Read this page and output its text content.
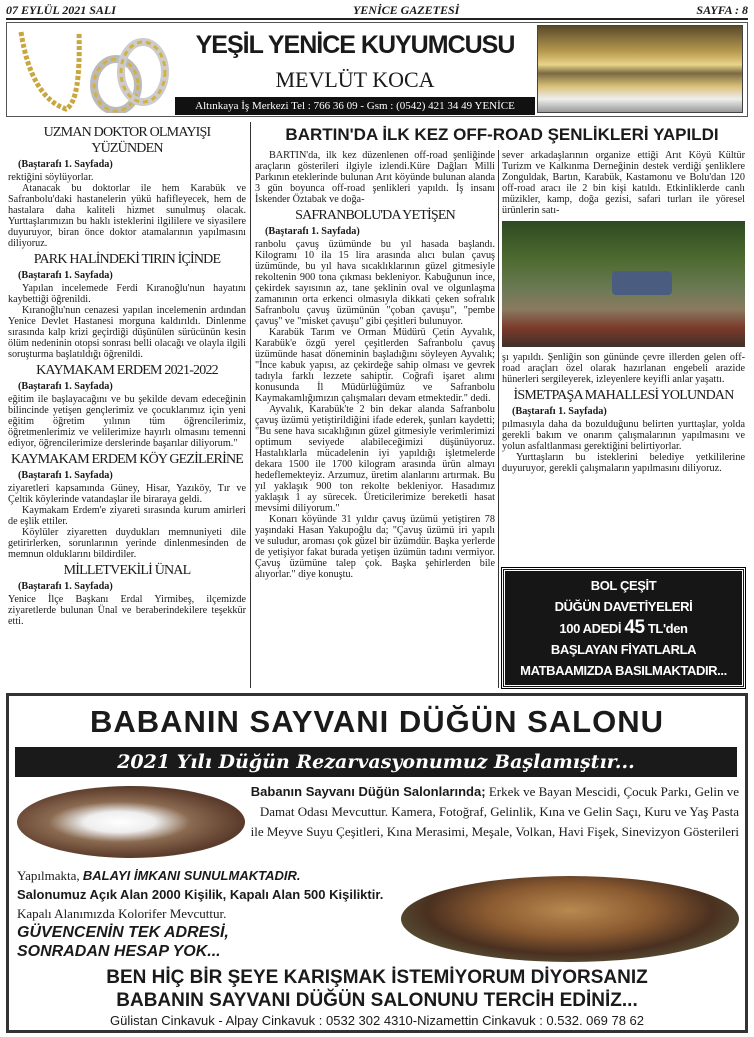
07 EYLÜL 2021 SALI	YENİCE GAZETESİ	SAYFA : 8
YEŞİL YENİCE KUYUMCUSU
MEVLÜT KOCA
Altınkaya İş Merkezi Tel : 766 36 09 - Gsm : (0542) 421 34 49 YENİCE
UZMAN DOKTOR OLMAYIŞI YÜZÜNDEN
(Baştarafı 1. Sayfada)

rektiğini söylüyorlar.

Atanacak bu doktorlar ile hem Karabük ve Safranbolu'daki hastanelerin yükü hafifleyecek, hem de hastalara daha kaliteli hizmet sunulmuş olacak. Yurttaşlarımızın bu haklı isteklerini ilgililere ve siyasilere duyuruyor, biran önce doktor atamalarının yapılmasını diliyoruz.

PARK HALİNDEKİ TIRIN İÇİNDE
(Baştarafı 1. Sayfada)

Yapılan incelemede Ferdi Kıranoğlu'nun hayatını kaybettiği öğrenildi.

Kıranoğlu'nun cenazesi yapılan incelemenin ardından Yenice Devlet Hastanesi morguna kaldırıldı. Dinlenme sırasında kalp krizi geçirdiği düşünülen sürücünün kesin ölüm nedeninin otopsi sonrası belli olacağı ve olayla ilgili soruşturma başlatıldığı öğrenildi.

KAYMAKAM ERDEM 2021-2022
(Baştarafı 1. Sayfada)

eğitim ile başlayacağını ve bu şekilde devam edeceğinin bilincinde yetişen gençlerimiz ve çocuklarımız için yeni eğitim öğretim yılının tüm öğrencilerimiz, öğretmenlerimiz ve velilerimize hayırlı olmasını temenni ediyor, öğrencilerimize derslerinde başarılar diliyorum."

KAYMAKAM ERDEM KÖY GEZİLERİNE
(Baştarafı 1. Sayfada)

ziyaretleri kapsamında Güney, Hisar, Yazıköy, Tır ve Çeltik köylerinde vatandaşlar ile biraraya geldi.

Kaymakam Erdem'e ziyareti sırasında kurum amirleri de eşlik ettiler.

Köylüler ziyaretten duydukları memnuniyeti dile getirirlerken, sorunlarının yerinde dinlenmesinden de memnun olduklarını bildirdiler.

MİLLETVEKİLİ ÜNAL
(Baştarafı 1. Sayfada)

Yenice İlçe Başkanı Erdal Yirmibeş, ilçemizde ziyaretlerde bulunan Ünal ve beraberindekilere teşekkür etti.

BARTIN'DA İLK KEZ OFF-ROAD ŞENLİKLERİ YAPILDI

BARTIN'da, ilk kez düzenlenen off-road şenliğinde araçların gösterileri ilgiyle izlendi.Küre Dağları Milli Parkının eteklerinde bulunan Arıt köyünde bulunan alanda 3 gün boyunca off-road şenlikleri yapıldı. İş insanı İskender Öztabak ve doğa-

SAFRANBOLU'DA YETİŞEN
(Baştarafı 1. Sayfada)

ranbolu çavuş üzümünde bu yıl hasada başlandı. Kilogramı 10 ila 15 lira arasında alıcı bulan çavuş üzümünde, bu yıl hava sıcaklıklarının güzel gitmesiyle rekoltenin 900 tona çıkması bekleniyor. Kabuğunun ince, çekirdek sayısının az, tane şeklinin oval ve olgunlaşma zamanının orta erkenci olmasıyla dikkati çeken sofralık Safranbolu çavuş üzümünün "çoban çavuşu", "pembe çavuş" ve "misket çavuşu" gibi çeşitleri bulunuyor.

Karabük Tarım ve Orman Müdürü Çetin Ayvalık, Karabük'e özgü yerel çeşitlerden Safranbolu çavuş üzümünde hasat döneminin başladığını söyleyen Ayvalık; "İnce kabuk yapısı, az çekirdeğe sahip olması ve gevrek tadıyla farklı lezzete sahiptir. Coğrafi işaret alımı konusunda İl Müdürlüğümüz ve Safranbolu Kaymakamlığımızın çalışmaları devam etmektedir." dedi.

Ayvalık, Karabük'te 2 bin dekar alanda Safranbolu çavuş üzümü yetiştirildiğini ifade ederek, şunları kaydetti; "Bu sene hava sıcaklığının güzel gitmesiyle verimlerimizi optimum seviyede alabileceğimizi düşünüyoruz. Hastalıklarla mücadelenin iyi yapıldığı işletmelerde dekara 1500 ile 1700 kilogram arasında ürün almayı hedeflemekteyiz. Arzumuz, üretim alanlarını artırmak. Bu yıl yaklaşık 900 ton rekolte bekleniyor. Hasadımız yaklaşık 1 ay sürecek. Üreticilerimize bereketli hasat mevsimi diliyorum."

Konarı köyünde 31 yıldır çavuş üzümü yetiştiren 78 yaşındaki Hasan Yakupoğlu da; "Çavuş üzümü iri yapılı ve suludur, aroması çok güzel bir üzümdür. Başka yerlerde de yetişiyor fakat burada yetişen üzümün tadını vermiyor. Çavuş üzümüne talep çok. Başka şehirlerden bile alıyorlar." diye konuştu.

sever arkadaşlarının organize ettiği Arıt Köyü Kültür Turizm ve Kalkınma Derneğinin destek verdiği şenliklere Zonguldak, Bartın, Karabük, Kastamonu ve Bolu'dan 120 off-road aracı ile 2 bin kişi katıldı. Etkinliklerde canlı müzikler, kamp, doğa gezisi, safari turları ile yöresel ürünlerin satı-

şı yapıldı. Şenliğin son gününde çevre illerden gelen off-road araçları özel olarak hazırlanan engebeli arazide hünerleri sergileyerek, izleyenlere keyifli anlar yaşattı.

İSMETPAŞA MAHALLESİ YOLUNDAN
(Baştarafı 1. Sayfada)

pılmasıyla daha da bozulduğunu belirten yurttaşlar, yolda gerekli bakım ve onarım çalışmalarının yapılmasını ve yolun asfaltlanması gerektiğini belirtiyorlar.

Yurttaşların bu isteklerini belediye yetkililerine duyuruyor, gerekli çalışmaların yapılmasını diliyoruz.

BOL ÇEŞİT
DÜĞÜN DAVETİYELERİ
100 ADEDİ 45 TL'den
BAŞLAYAN FİYATLARLA
MATBAAMIZDA BASILMAKTADIR...
BABANIN SAYVANI DÜĞÜN SALONU
2021 Yılı Düğün Rezarvasyonumuz Başlamıştır...
Babanın Sayvanı Düğün Salonlarında; Erkek ve Bayan Mescidi, Çocuk Parkı, Gelin ve Damat Odası Mevcuttur. Kamera, Fotoğraf, Gelinlik, Kına ve Gelin Saçı, Kuru ve Yaş Pasta ile Meyve Suyu Çeşitleri, Kına Merasimi, Meşale, Volkan, Havi Fişek, Sinevizyon Gösterileri
Yapılmakta, BALAYI İMKANI SUNULMAKTADIR.
Salonumuz Açık Alan 2000 Kişilik, Kapalı Alan 500 Kişiliktir. Kapalı Alanımızda Kolorifer Mevcuttur.
GÜVENCENİN TEK ADRESİ,
SONRADAN HESAP YOK...
BEN HİÇ BİR ŞEYE KARIŞMAK İSTEMİYORUM DİYORSANIZ
BABANIN SAYVANI DÜĞÜN SALONUNU TERCİH EDİNİZ...
Gülistan Cinkavuk - Alpay Cinkavuk : 0532 302 4310-Nizamettin Cinkavuk : 0.532. 069 78 62
